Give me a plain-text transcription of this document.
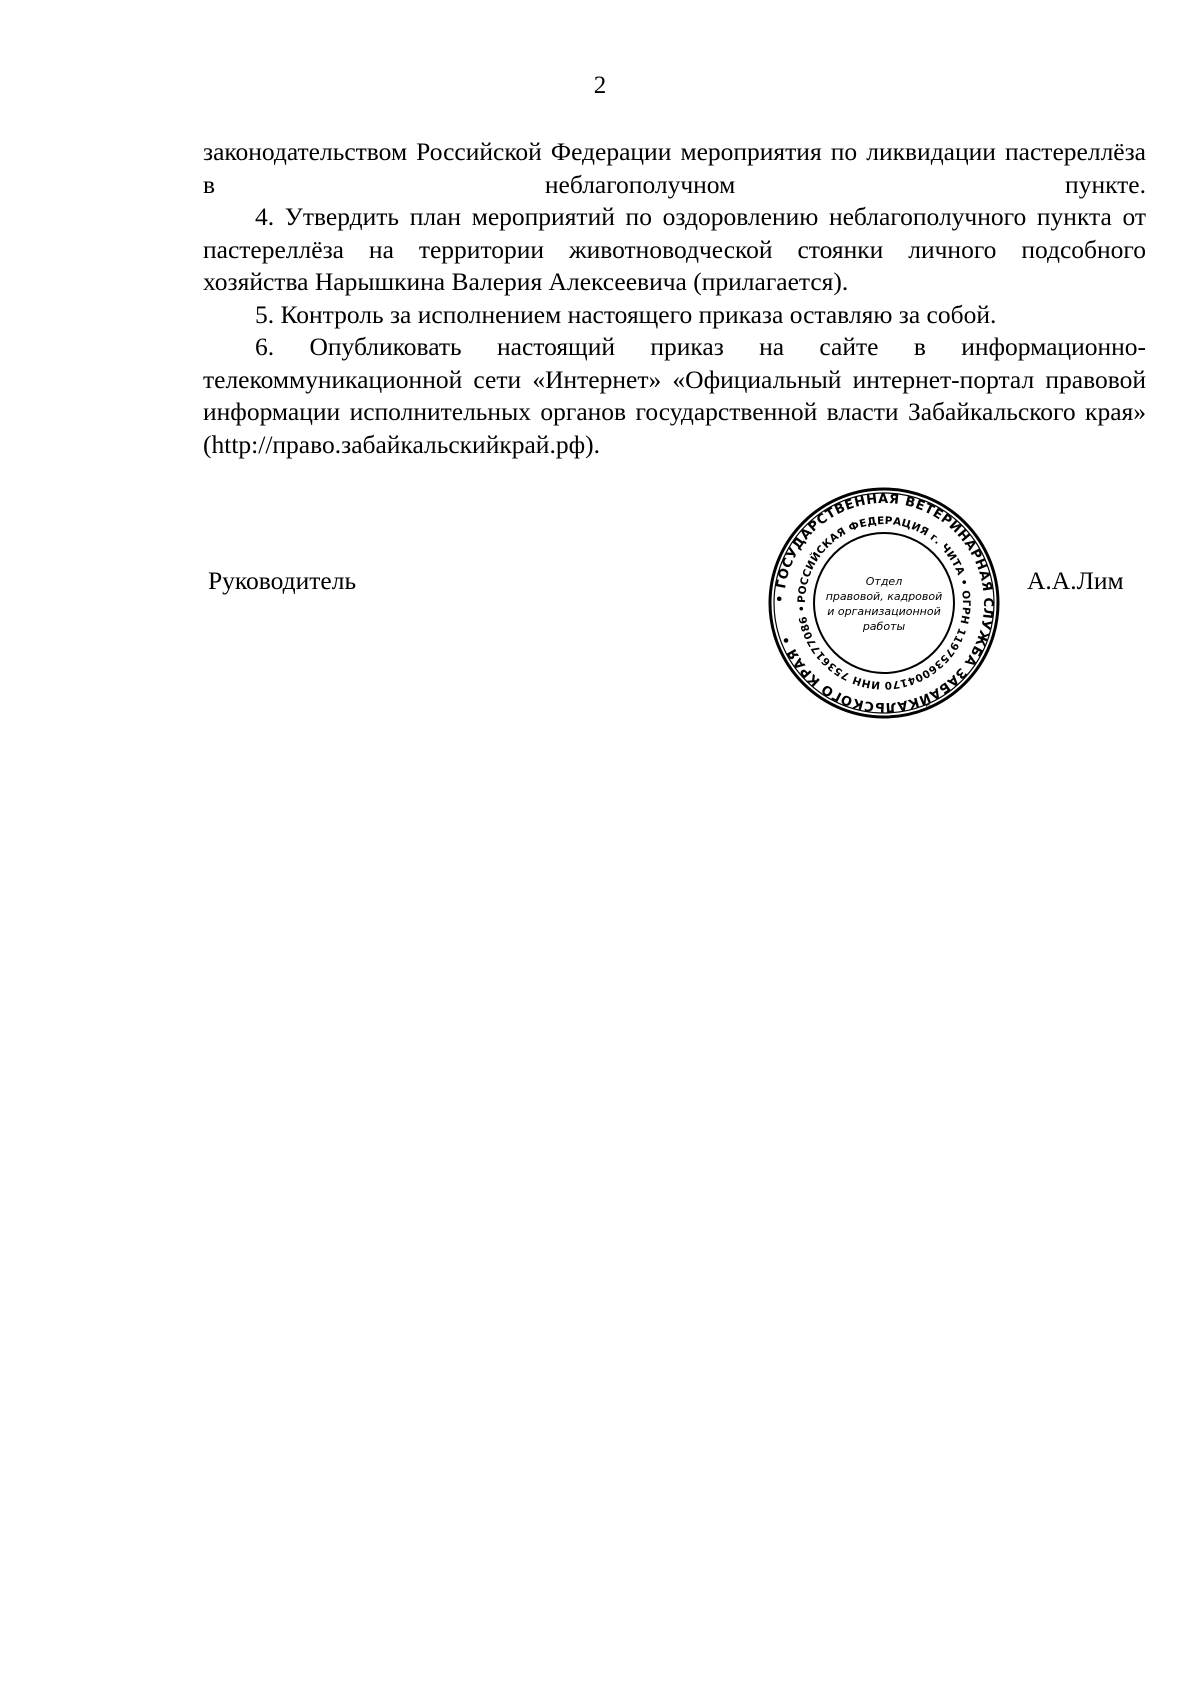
2

законодательством Российской Федерации мероприятия по ликвидации пастереллёза в неблагополучном пункте.

4. Утвердить план мероприятий по оздоровлению неблагополучного пункта от пастереллёза на территории животноводческой стоянки личного подсобного хозяйства Нарышкина Валерия Алексеевича (прилагается).

5. Контроль за исполнением настоящего приказа оставляю за собой.

6. Опубликовать настоящий приказ на сайте в информационно-телекоммуникационной сети «Интернет» «Официальный интернет-портал правовой информации исполнительных органов государственной власти Забайкальского края» (http://право.забайкальскийкрай.рф).

Руководитель
• ГОСУДАРСТВЕННАЯ ВЕТЕРИНАРНАЯ СЛУЖБА ЗАБАЙКАЛЬСКОГО КРАЯ •
РОССИЙСКАЯ ФЕДЕРАЦИЯ г. ЧИТА • ОГРН 1197536004170 ИНН 7536177086 •
Отдел
правовой, кадровой
и организационной
работы
А.А.Лим
